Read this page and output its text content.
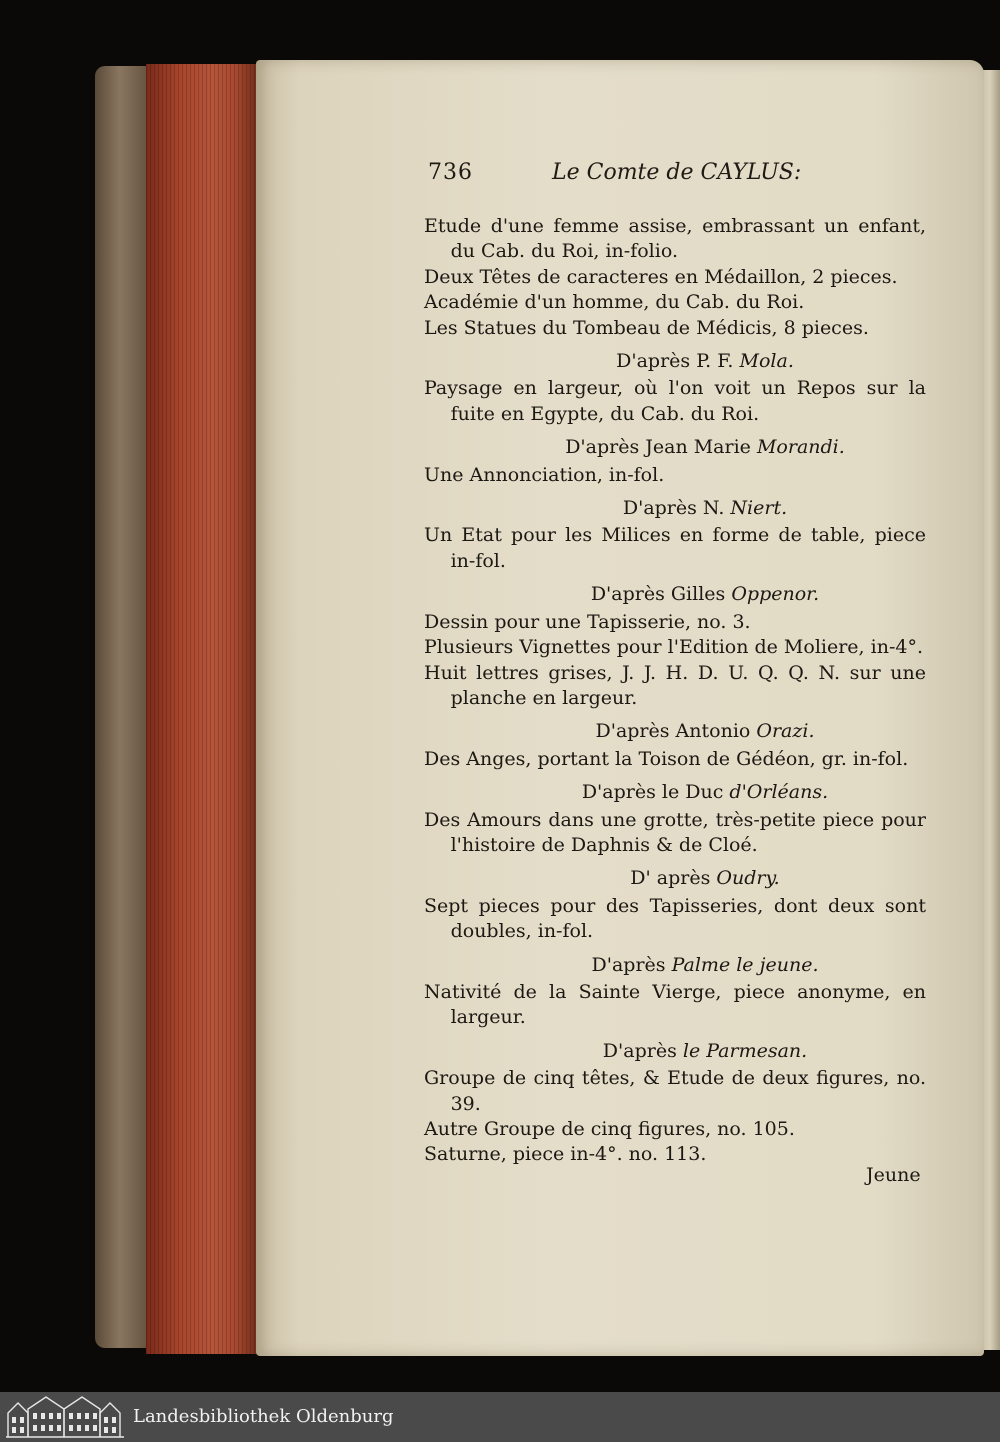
736	Le Comte de CAYLUS:
Etude d'une femme assise, embrassant un enfant, du Cab. du Roi, in-folio.
Deux Têtes de caracteres en Médaillon, 2 pieces.
Académie d'un homme, du Cab. du Roi.
Les Statues du Tombeau de Médicis, 8 pieces.
D'après P. F. Mola.
Paysage en largeur, où l'on voit un Repos sur la fuite en Egypte, du Cab. du Roi.
D'après Jean Marie Morandi.
Une Annonciation, in-fol.
D'après N. Niert.
Un Etat pour les Milices en forme de table, piece in-fol.
D'après Gilles Oppenor.
Dessin pour une Tapisserie, no. 3.
Plusieurs Vignettes pour l'Edition de Moliere, in-4°.
Huit lettres grises, J. J. H. D. U. Q. Q. N. sur une planche en largeur.
D'après Antonio Orazi.
Des Anges, portant la Toison de Gédéon, gr. in-fol.
D'après le Duc d'Orléans.
Des Amours dans une grotte, très-petite piece pour l'histoire de Daphnis & de Cloé.
D' après Oudry.
Sept pieces pour des Tapisseries, dont deux sont doubles, in-fol.
D'après Palme le jeune.
Nativité de la Sainte Vierge, piece anonyme, en largeur.
D'après le Parmesan.
Groupe de cinq têtes, & Etude de deux figures, no. 39.
Autre Groupe de cinq figures, no. 105.
Saturne, piece in-4°. no. 113.
Jeune
Landesbibliothek Oldenburg
